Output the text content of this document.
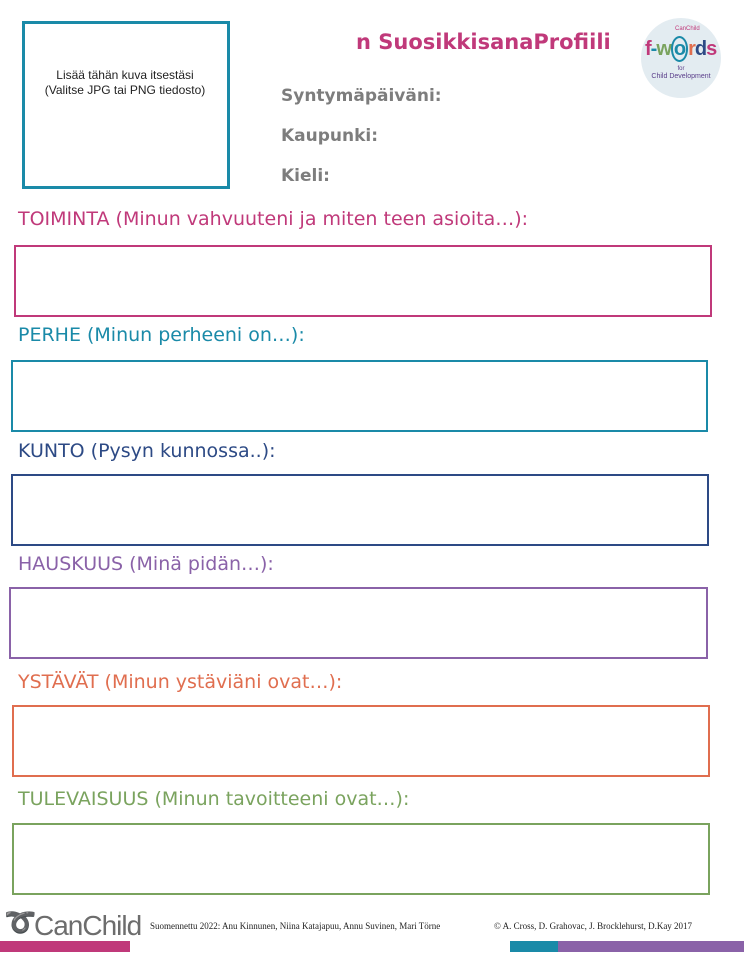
Lisää tähän kuva itsestäsi
(Valitse JPG tai PNG tiedosto)
n SuosikkisanaProfiili
CanChild
f-w o rds
for
Child Development
Syntymäpäiväni:
Kaupunki:
Kieli:
TOIMINTA (Minun vahvuuteni ja miten teen asioita…):
PERHE (Minun perheeni on…):
KUNTO (Pysyn kunnossa..):
HAUSKUUS (Minä pidän…):
YSTÄVÄT (Minun ystäviäni ovat…):
TULEVAISUUS (Minun tavoitteeni ovat…):
➰
CanChild Suomennettu 2022: Anu Kinnunen, Niina Katajapuu, Annu Suvinen, Mari Törne	© A. Cross, D. Grahovac, J. Brocklehurst, D.Kay 2017
